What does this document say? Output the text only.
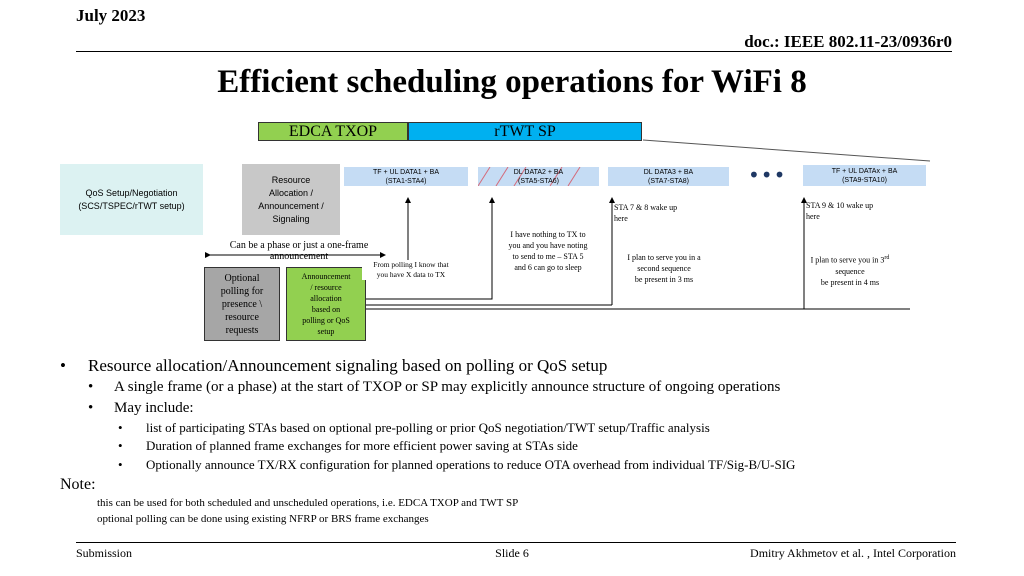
July 2023
doc.: IEEE 802.11-23/0936r0
Efficient scheduling operations for WiFi 8
EDCA TXOP	rTWT SP
QoS Setup/Negotiation
(SCS/TSPEC/rTWT setup)
Resource
Allocation /
Announcement /
Signaling
TF + UL DATA1 + BA
(STA1-STA4)
DL DATA2 + BA
(STA5-STA6)
DL DATA3 + BA
(STA7-STA8)	•••	TF + UL DATAx + BA
(STA9-STA10)
Can be a phase or just a one-frame announcement
Optional
polling for
presence \
resource
requests
Announcement
/ resource
allocation
based on
polling or QoS
setup
From polling I know that
you have X data to TX
I have nothing to TX to
you and you have noting
to send to me – STA 5
and 6 can go to sleep
STA 7 & 8 wake up
here
I plan to serve you in a
second sequence
be present in 3 ms
STA 9 & 10 wake up
here
I plan to serve you in 3rd
sequence
be present in 4 ms
• Resource allocation/Announcement signaling based on polling or QoS setup
• A single frame (or a phase) at the start of TXOP or SP may explicitly announce structure of ongoing operations
• May include:
• list of participating STAs based on optional pre-polling or prior QoS negotiation/TWT setup/Traffic analysis
• Duration of planned frame exchanges for more efficient power saving at STAs side
• Optionally announce TX/RX configuration for planned operations to reduce OTA overhead from individual TF/Sig-B/U-SIG
Note:
this can be used for both scheduled and unscheduled operations, i.e. EDCA TXOP and TWT SP
optional polling can be done using existing NFRP or BRS frame exchanges
Submission	Slide 6	Dmitry Akhmetov et al. , Intel Corporation
